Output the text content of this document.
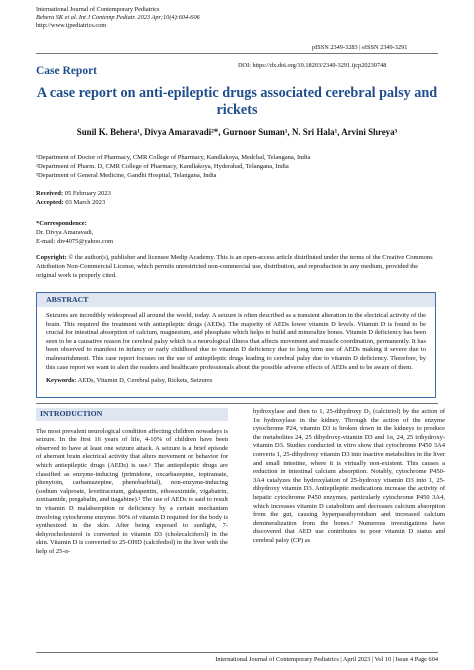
International Journal of Contemporary Pediatrics
Behera SK et al. Int J Contemp Pediatr. 2023 Apr;10(4):604-606
http://www.ijpediatrics.com
pISSN 2349-3283 | eISSN 2349-3291
Case Report	DOI: https://dx.doi.org/10.18203/2349-3291.ijcp20230748
A case report on anti-epileptic drugs associated cerebral palsy and rickets
Sunil K. Behera¹, Divya Amaravadi²*, Gurnoor Suman¹, N. Sri Hala¹, Arvini Shreya³
¹Department of Doctor of Pharmacy, CMR College of Pharmacy, Kandlakoya, Medchal, Telangana, India
²Department of Pharm. D, CMR College of Pharmacy, Kandlakoya, Hyderabad, Telangana, India
³Department of General Medicine, Gandhi Hospital, Telangana, India
Received: 05 February 2023
Accepted: 03 March 2023
*Correspondence:
Dr. Divya Amaravadi,
E-mail: div4075@yahoo.com
Copyright: © the author(s), publisher and licensee Medip Academy. This is an open-access article distributed under the terms of the Creative Commons Attribution Non-Commercial License, which permits unrestricted non-commercial use, distribution, and reproduction in any medium, provided the original work is properly cited.
ABSTRACT
Seizures are incredibly widespread all around the world, today. A seizure is often described as a transient alteration in the electrical activity of the brain. This required the treatment with antiepileptic drugs (AEDs). The majority of AEDs lower vitamin D levels. Vitamin D is found to be crucial for intestinal absorption of calcium, magnesium, and phosphate which helps to build and mineralize bones. Vitamin D deficiency has been seen to be a causative reason for cerebral palsy which is a neurological illness that affects movement and muscle coordination, permanently. It has been observed to manifest in infancy or early childhood due to vitamin D deficiency due to long term use of AEDs making it severe due to malnourishment. This case report focuses on the use of antiepileptic drugs leading to cerebral palsy due to vitamin D deficiency. Therefore, by this case report we want to alert the readers and healthcare professionals about the possible adverse effects of AEDs and to be aware of them.
Keywords: AEDs, Vitamin D, Cerebral palsy, Rickets, Seizures
INTRODUCTION

The most prevalent neurological condition affecting children nowadays is seizure. In the first 16 years of life, 4-10% of children have been observed to have at least one seizure attack. A seizure is a brief episode of aberrant brain electrical activity that alters movement or behavior for which antiepileptic drugs (AEDs) is use.¹ The antiepileptic drugs are classified as enzyme-inducing (primidone, oxcarbazepine, topiramate, phenytoin, carbamazepine, phenobarbital), non-enzyme-inducing (sodium valproate, levetiracetam, gabapentin, ethosuximide, vigabatrin, zonisamide, pregabalin, and tiagabine).² The use of AEDs is said to result in vitamin D malabsorption or deficiency by a certain mechanism involving cytochrome enzyme. 90% of vitamin D required for the body is synthesized in the skin. After being exposed to sunlight, 7-dehyrocholesterol is converted to vitamin D3 (cholecalciferol) in the skin. Vitamin D is converted to 25-OHD (calcifediol) in the liver with the help of 25-α-

hydroxylase and then to 1, 25-dihydroxy D₃ (calcitriol) by the action of 1α hydroxylase in the kidney. Through the action of the enzyme cytochrome P24, vitamin D3 is broken down in the kidneys to produce the metabolites 24, 25 dihydroxy-vitamin D3 and 1α, 24, 25 trihydroxy-vitamin D3. Studies conducted in vitro show that cytochrome P450 3A4 converts 1, 25-dihydroxy vitamin D3 into inactive metabolites in the liver and small intestine, where it is virtually non-existent. This causes a reduction in intestinal calcium absorption. Notably, cytochrome P450-3A4 catalyzes the hydroxylation of 25-hydroxy vitamin D3 into 1, 25-dihydroxy vitamin D3. Antiepileptic medications increase the activity of hepatic cytochrome P450 enzymes, particularly cytochrome P450 3A4, which increases vitamin D catabolism and decreases calcium absorption from the gut, causing hyperparathyroidism and increased calcium demineralization from the bones.³ Numerous investigations have discovered that AED use contributes to poor vitamin D status and cerebral palsy (CP) as

International Journal of Contemporary Pediatrics | April 2023 | Vol 10 | Issue 4 Page 604
